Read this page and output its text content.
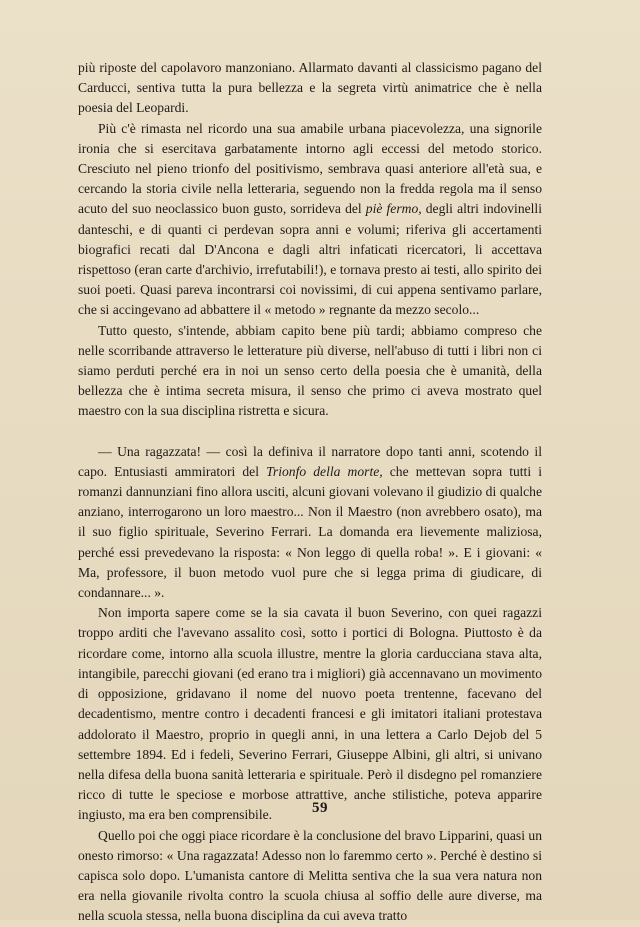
più riposte del capolavoro manzoniano. Allarmato davanti al classicismo pagano del Carducci, sentiva tutta la pura bellezza e la segreta virtù animatrice che è nella poesia del Leopardi.

Più c'è rimasta nel ricordo una sua amabile urbana piacevolezza, una signorile ironia che si esercitava garbatamente intorno agli eccessi del metodo storico. Cresciuto nel pieno trionfo del positivismo, sembrava quasi anteriore all'età sua, e cercando la storia civile nella letteraria, seguendo non la fredda regola ma il senso acuto del suo neoclassico buon gusto, sorrideva del piè fermo, degli altri indovinelli danteschi, e di quanti ci perdevan sopra anni e volumi; riferiva gli accertamenti biografici recati dal D'Ancona e dagli altri infaticati ricercatori, li accettava rispettoso (eran carte d'archivio, irrefutabili!), e tornava presto ai testi, allo spirito dei suoi poeti. Quasi pareva incontrarsi coi novissimi, di cui appena sentivamo parlare, che si accingevano ad abbattere il « metodo » regnante da mezzo secolo...

Tutto questo, s'intende, abbiam capito bene più tardi; abbiamo compreso che nelle scorribande attraverso le letterature più diverse, nell'abuso di tutti i libri non ci siamo perduti perché era in noi un senso certo della poesia che è umanità, della bellezza che è intima secreta misura, il senso che primo ci aveva mostrato quel maestro con la sua disciplina ristretta e sicura.

— Una ragazzata! — così la definiva il narratore dopo tanti anni, scotendo il capo. Entusiasti ammiratori del Trionfo della morte, che mettevan sopra tutti i romanzi dannunziani fino allora usciti, alcuni giovani volevano il giudizio di qualche anziano, interrogarono un loro maestro... Non il Maestro (non avrebbero osato), ma il suo figlio spirituale, Severino Ferrari. La domanda era lievemente maliziosa, perché essi prevedevano la risposta: « Non leggo di quella roba! ». E i giovani: « Ma, professore, il buon metodo vuol pure che si legga prima di giudicare, di condannare... ».

Non importa sapere come se la sia cavata il buon Severino, con quei ragazzi troppo arditi che l'avevano assalito così, sotto i portici di Bologna. Piuttosto è da ricordare come, intorno alla scuola illustre, mentre la gloria carducciana stava alta, intangibile, parecchi giovani (ed erano tra i migliori) già accennavano un movimento di opposizione, gridavano il nome del nuovo poeta trentenne, facevano del decadentismo, mentre contro i decadenti francesi e gli imitatori italiani protestava addolorato il Maestro, proprio in quegli anni, in una lettera a Carlo Dejob del 5 settembre 1894. Ed i fedeli, Severino Ferrari, Giuseppe Albini, gli altri, si univano nella difesa della buona sanità letteraria e spirituale. Però il disdegno pel romanziere ricco di tutte le speciose e morbose attrattive, anche stilistiche, poteva apparire ingiusto, ma era ben comprensibile.

Quello poi che oggi piace ricordare è la conclusione del bravo Lipparini, quasi un onesto rimorso: « Una ragazzata! Adesso non lo faremmo certo ». Perché è destino si capisca solo dopo. L'umanista cantore di Melitta sentiva che la sua vera natura non era nella giovanile rivolta contro la scuola chiusa al soffio delle aure diverse, ma nella scuola stessa, nella buona disciplina da cui aveva tratto

59
